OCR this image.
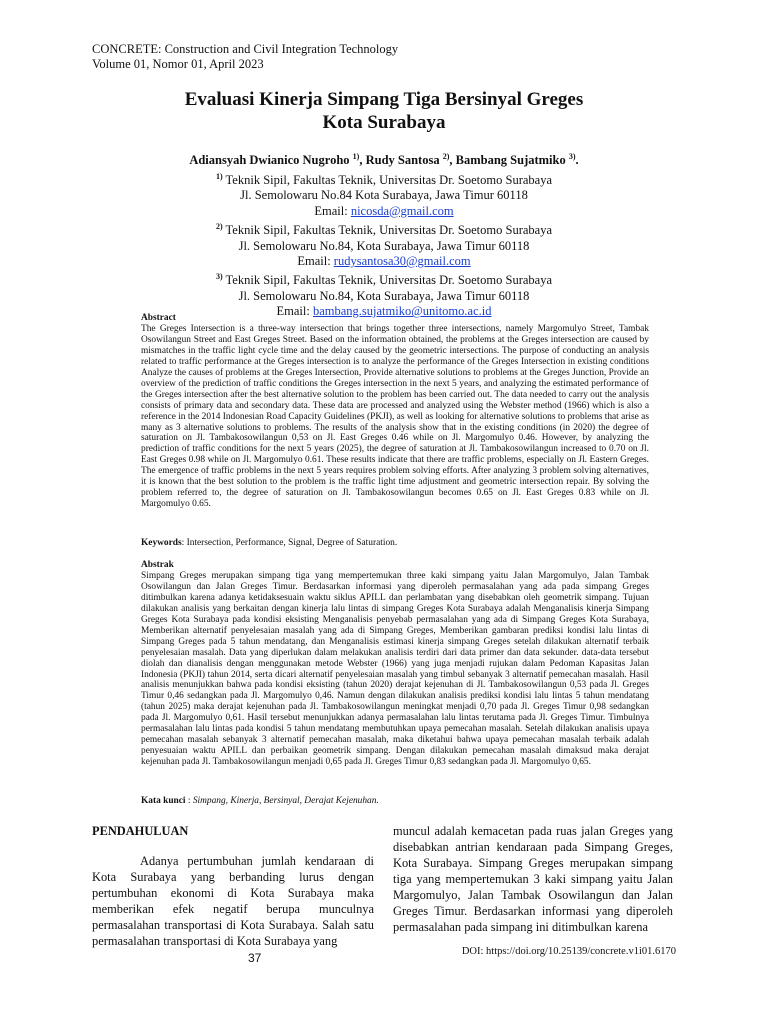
CONCRETE: Construction and Civil Integration Technology
Volume 01, Nomor 01, April 2023
Evaluasi Kinerja Simpang Tiga Bersinyal Greges
Kota Surabaya
Adiansyah Dwianico Nugroho $^{1)}$, Rudy Santosa $^{2)}$, Bambang Sujatmiko $^{3)}$.
$^{1)}$ Teknik Sipil, Fakultas Teknik, Universitas Dr. Soetomo Surabaya
Jl. Semolowaru No.84 Kota Surabaya, Jawa Timur 60118
Email: nicosda@gmail.com
$^{2)}$ Teknik Sipil, Fakultas Teknik, Universitas Dr. Soetomo Surabaya
Jl. Semolowaru No.84, Kota Surabaya, Jawa Timur 60118
Email: rudysantosa30@gmail.com
$^{3)}$ Teknik Sipil, Fakultas Teknik, Universitas Dr. Soetomo Surabaya
Jl. Semolowaru No.84, Kota Surabaya, Jawa Timur 60118
Email: bambang.sujatmiko@unitomo.ac.id
Abstract
The Greges Intersection is a three-way intersection that brings together three intersections, namely Margomulyo Street, Tambak Osowilangun Street and East Greges Street. Based on the information obtained, the problems at the Greges intersection are caused by mismatches in the traffic light cycle time and the delay caused by the geometric intersections. The purpose of conducting an analysis related to traffic performance at the Greges intersection is to analyze the performance of the Greges Intersection in existing conditions Analyze the causes of problems at the Greges Intersection, Provide alternative solutions to problems at the Greges Junction, Provide an overview of the prediction of traffic conditions the Greges intersection in the next 5 years, and analyzing the estimated performance of the Greges intersection after the best alternative solution to the problem has been carried out. The data needed to carry out the analysis consists of primary data and secondary data. These data are processed and analyzed using the Webster method (1966) which is also a reference in the 2014 Indonesian Road Capacity Guidelines (PKJI), as well as looking for alternative solutions to problems that arise as many as 3 alternative solutions to problems. The results of the analysis show that in the existing conditions (in 2020) the degree of saturation on Jl. Tambakosowilangun 0,53 on Jl. East Greges 0.46 while on Jl. Margomulyo 0.46. However, by analyzing the prediction of traffic conditions for the next 5 years (2025), the degree of saturation at Jl. Tambakosowilangun increased to 0.70 on Jl. East Greges 0.98 while on Jl. Margomulyo 0.61. These results indicate that there are traffic problems, especially on Jl. Eastern Greges. The emergence of traffic problems in the next 5 years requires problem solving efforts. After analyzing 3 problem solving alternatives, it is known that the best solution to the problem is the traffic light time adjustment and geometric intersection repair. By solving the problem referred to, the degree of saturation on Jl. Tambakosowilangun becomes 0.65 on Jl. East Greges 0.83 while on Jl. Margomulyo 0.65.
Keywords: Intersection, Performance, Signal, Degree of Saturation.
Abstrak
Simpang Greges merupakan simpang tiga yang mempertemukan three kaki simpang yaitu Jalan Margomulyo, Jalan Tambak Osowilangun dan Jalan Greges Timur. Berdasarkan informasi yang diperoleh permasalahan yang ada pada simpang Greges ditimbulkan karena adanya ketidaksesuain waktu siklus APILL dan perlambatan yang disebabkan oleh geometrik simpang. Tujuan dilakukan analisis yang berkaitan dengan kinerja lalu lintas di simpang Greges Kota Surabaya adalah Menganalisis kinerja Simpang Greges Kota Surabaya pada kondisi eksisting Menganalisis penyebab permasalahan yang ada di Simpang Greges Kota Surabaya, Memberikan alternatif penyelesaian masalah yang ada di Simpang Greges, Memberikan gambaran prediksi kondisi lalu lintas di Simpang Greges pada 5 tahun mendatang, dan Menganalisis estimasi kinerja simpang Greges setelah dilakukan alternatif terbaik penyelesaian masalah. Data yang diperlukan dalam melakukan analisis terdiri dari data primer dan data sekunder. data-data tersebut diolah dan dianalisis dengan menggunakan metode Webster (1966) yang juga menjadi rujukan dalam Pedoman Kapasitas Jalan Indonesia (PKJI) tahun 2014, serta dicari alternatif penyelesaian masalah yang timbul sebanyak 3 alternatif pemecahan masalah. Hasil analisis menunjukkan bahwa pada kondisi eksisting (tahun 2020) derajat kejenuhan di Jl. Tambakosowilangun 0,53 pada Jl. Greges Timur 0,46 sedangkan pada Jl. Margomulyo 0,46. Namun dengan dilakukan analisis prediksi kondisi lalu lintas 5 tahun mendatang (tahun 2025) maka derajat kejenuhan pada Jl. Tambakosowilangun meningkat menjadi 0,70 pada Jl. Greges Timur 0,98 sedangkan pada Jl. Margomulyo 0,61. Hasil tersebut menunjukkan adanya permasalahan lalu lintas terutama pada Jl. Greges Timur. Timbulnya permasalahan lalu lintas pada kondisi 5 tahun mendatang membutuhkan upaya pemecahan masalah. Setelah dilakukan analisis upaya pemecahan masalah sebanyak 3 alternatif pemecahan masalah, maka diketahui bahwa upaya pemecahan masalah terbaik adalah penyesuaian waktu APILL dan perbaikan geometrik simpang. Dengan dilakukan pemecahan masalah dimaksud maka derajat kejenuhan pada Jl. Tambakosowilangun menjadi 0,65 pada Jl. Greges Timur 0,83 sedangkan pada Jl. Margomulyo 0,65.
Kata kunci : Simpang, Kinerja, Bersinyal, Derajat Kejenuhan.
PENDAHULUAN
Adanya pertumbuhan jumlah kendaraan di Kota Surabaya yang berbanding lurus dengan pertumbuhan ekonomi di Kota Surabaya maka memberikan efek negatif berupa munculnya permasalahan transportasi di Kota Surabaya. Salah satu permasalahan transportasi di Kota Surabaya yang
muncul adalah kemacetan pada ruas jalan Greges yang disebabkan antrian kendaraan pada Simpang Greges, Kota Surabaya. Simpang Greges merupakan simpang tiga yang mempertemukan 3 kaki simpang yaitu Jalan Margomulyo, Jalan Tambak Osowilangun dan Jalan Greges Timur. Berdasarkan informasi yang diperoleh permasalahan pada simpang ini ditimbulkan karena
37	DOI: https://doi.org/10.25139/concrete.v1i01.6170
